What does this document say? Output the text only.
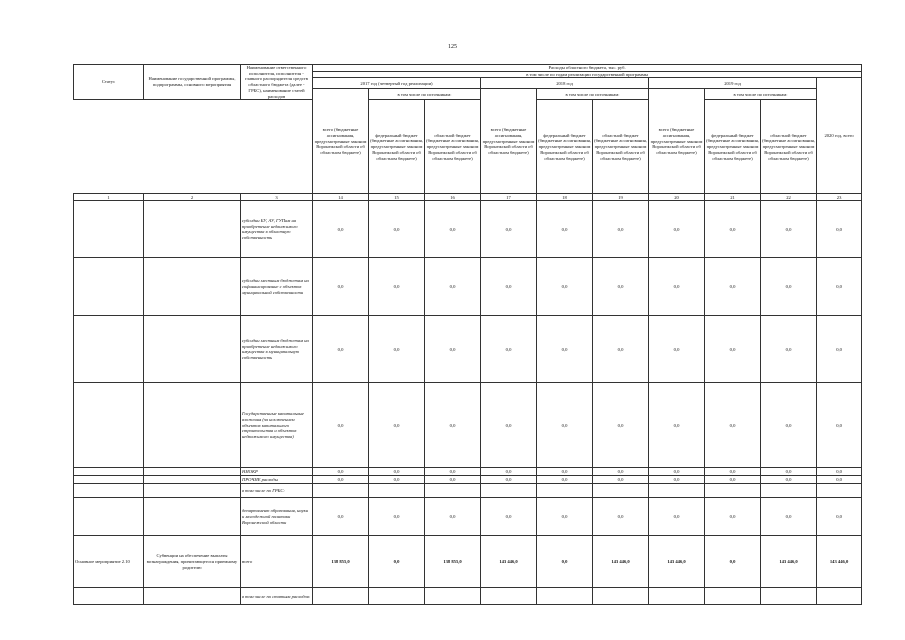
125
Статус	Наименование государственной программы, подпрограммы, основного мероприятия	Наименование ответственного исполнителя, исполнителя - главного распорядителя средств областного бюджета (далее - ГРБС), наименование статей расходов	Расходы областного бюджета, тыс. руб.									
			в том числе по годам реализации государственной программы									
			2017 год (четвертый год реализации)			2018 год			2019 год			2020 год, всего
			всего (бюджетные ассигнования, предусмотренные законом Воронежской области об областном бюджете)	в том числе по источникам:		всего (бюджетные ассигнования, предусмотренные законом Воронежской области об областном бюджете)	в том числе по источникам:		всего (бюджетные ассигнования, предусмотренные законом Воронежской области об областном бюджете)	в том числе по источникам:		
				федеральный бюджет (бюджетные ассигнования, предусмотренные законом Воронежской области об областном бюджете)	областной бюджет (бюджетные ассигнования, предусмотренные законом Воронежской области об областном бюджете)		федеральный бюджет (бюджетные ассигнования, предусмотренные законом Воронежской области об областном бюджете)	областной бюджет (бюджетные ассигнования, предусмотренные законом Воронежской области об областном бюджете)		федеральный бюджет (бюджетные ассигнования, предусмотренные законом Воронежской области об областном бюджете)	областной бюджет (бюджетные ассигнования, предусмотренные законом Воронежской области об областном бюджете)	
1	2	3	14	15	16	17	18	19	20	21	22	23
		субсидии БУ, АУ, ГУПам на приобретение недвижимого имущества в областную собственность	0,0	0,0	0,0	0,0	0,0	0,0	0,0	0,0	0,0	0,0
		субсидии местным бюджетам на софинансирование с объектов муниципальной собственности	0,0	0,0	0,0	0,0	0,0	0,0	0,0	0,0	0,0	0,0
		субсидии местным бюджетам на приобретение недвижимого имущества в муниципальную собственность	0,0	0,0	0,0	0,0	0,0	0,0	0,0	0,0	0,0	0,0
		Государственные капитальные вложения (за исключением объектов капитального строительства и объектов недвижимого имущества)	0,0	0,0	0,0	0,0	0,0	0,0	0,0	0,0	0,0	0,0
		НИОКР	0,0	0,0	0,0	0,0	0,0	0,0	0,0	0,0	0,0	0,0
		ПРОЧИЕ расходы	0,0	0,0	0,0	0,0	0,0	0,0	0,0	0,0	0,0	0,0
		в том числе по ГРБС:										
		департамент образования, науки и молодежной политики Воронежской области	0,0	0,0	0,0	0,0	0,0	0,0	0,0	0,0	0,0	0,0
Основное мероприятие 2.10	Субвенции на обеспечение выплаты вознаграждения, причитающегося приемному родителю	всего	138 855,0	0,0	138 855,0	143 446,0	0,0	143 446,0	143 446,0	0,0	143 446,0	143 446,0
		в том числе по статьям расходов:										
